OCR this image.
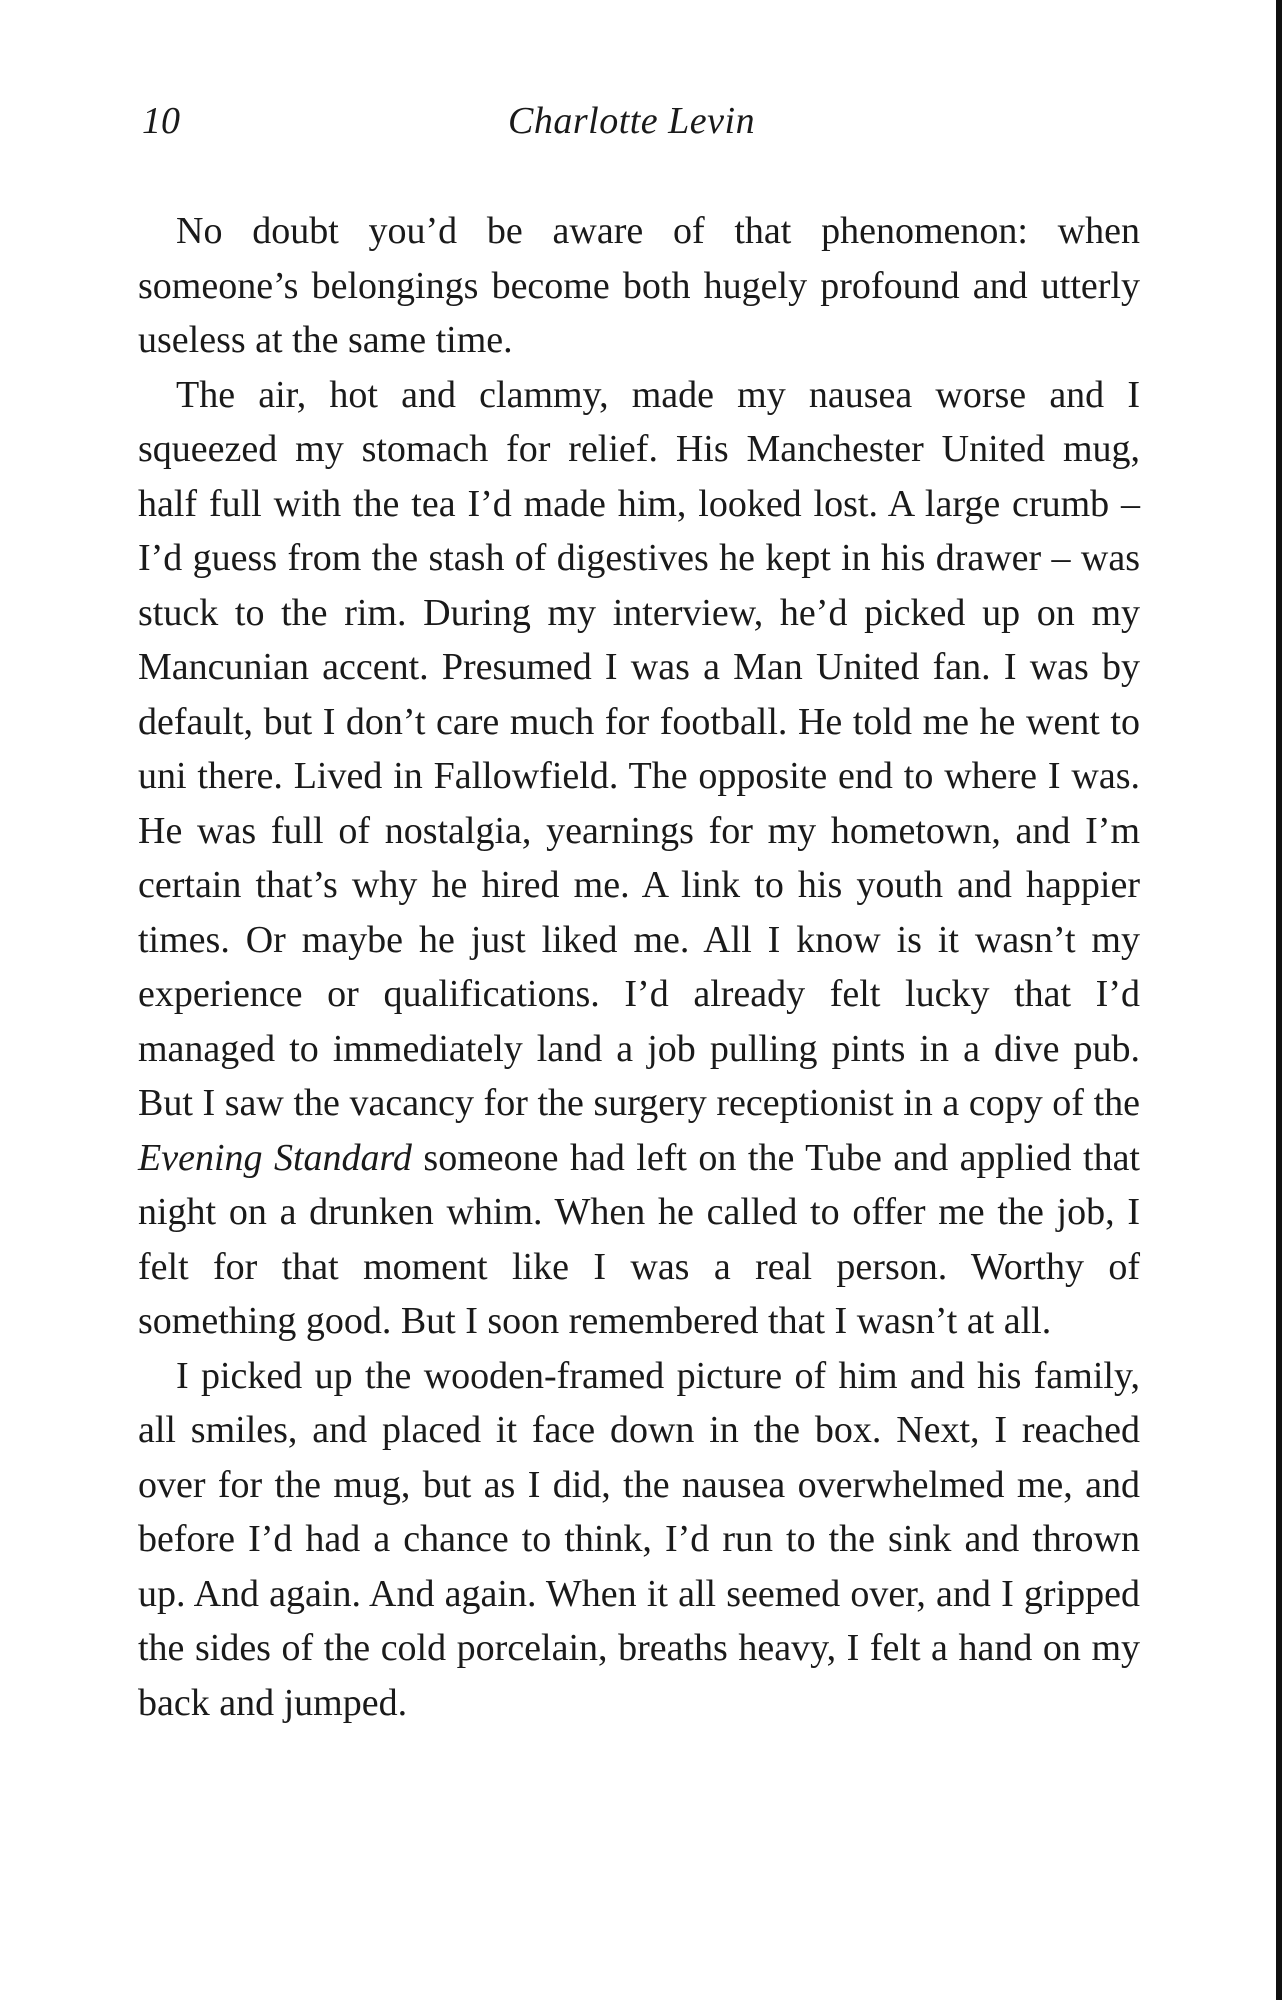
10	Charlotte Levin

No doubt you’d be aware of that phenomenon: when someone’s belongings become both hugely profound and utterly useless at the same time.

The air, hot and clammy, made my nausea worse and I squeezed my stomach for relief. His Manchester United mug, half full with the tea I’d made him, looked lost. A large crumb – I’d guess from the stash of digestives he kept in his drawer – was stuck to the rim. During my interview, he’d picked up on my Mancunian accent. Presumed I was a Man United fan. I was by default, but I don’t care much for football. He told me he went to uni there. Lived in Fallowfield. The opposite end to where I was. He was full of nostalgia, yearnings for my hometown, and I’m certain that’s why he hired me. A link to his youth and happier times. Or maybe he just liked me. All I know is it wasn’t my experience or qualifications. I’d already felt lucky that I’d managed to immediately land a job pulling pints in a dive pub. But I saw the vacancy for the surgery receptionist in a copy of the Evening Standard someone had left on the Tube and applied that night on a drunken whim. When he called to offer me the job, I felt for that moment like I was a real person. Worthy of something good. But I soon remembered that I wasn’t at all.

I picked up the wooden-framed picture of him and his family, all smiles, and placed it face down in the box. Next, I reached over for the mug, but as I did, the nausea overwhelmed me, and before I’d had a chance to think, I’d run to the sink and thrown up. And again. And again. When it all seemed over, and I gripped the sides of the cold porcelain, breaths heavy, I felt a hand on my back and jumped.
